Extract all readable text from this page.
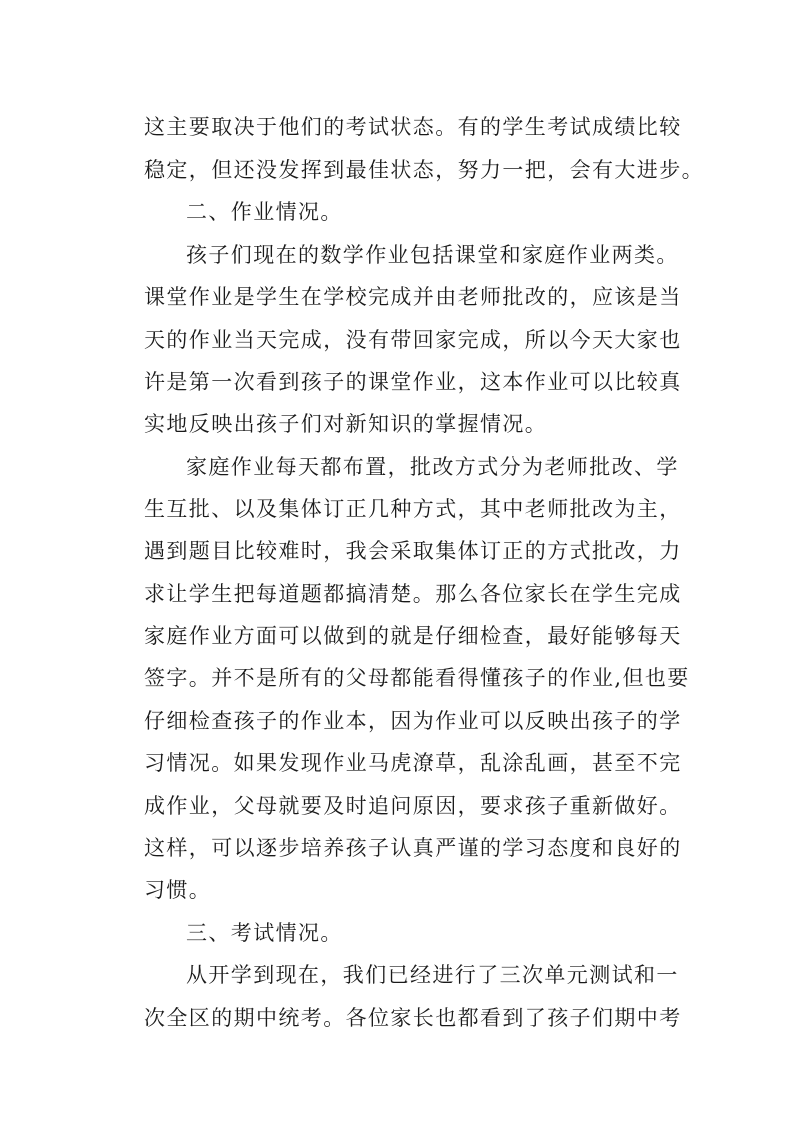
这主要取决于他们的考试状态。有的学生考试成绩比较
稳定，但还没发挥到最佳状态，努力一把，会有大进步。
二、作业情况。
孩子们现在的数学作业包括课堂和家庭作业两类。
课堂作业是学生在学校完成并由老师批改的，应该是当
天的作业当天完成，没有带回家完成，所以今天大家也
许是第一次看到孩子的课堂作业，这本作业可以比较真
实地反映出孩子们对新知识的掌握情况。
家庭作业每天都布置，批改方式分为老师批改、学
生互批、以及集体订正几种方式，其中老师批改为主，
遇到题目比较难时，我会采取集体订正的方式批改，力
求让学生把每道题都搞清楚。那么各位家长在学生完成
家庭作业方面可以做到的就是仔细检查，最好能够每天
签字。并不是所有的父母都能看得懂孩子的作业,但也要
仔细检查孩子的作业本，因为作业可以反映出孩子的学
习情况。如果发现作业马虎潦草，乱涂乱画，甚至不完
成作业，父母就要及时追问原因，要求孩子重新做好。
这样，可以逐步培养孩子认真严谨的学习态度和良好的
习惯。
三、考试情况。
从开学到现在，我们已经进行了三次单元测试和一
次全区的期中统考。各位家长也都看到了孩子们期中考
